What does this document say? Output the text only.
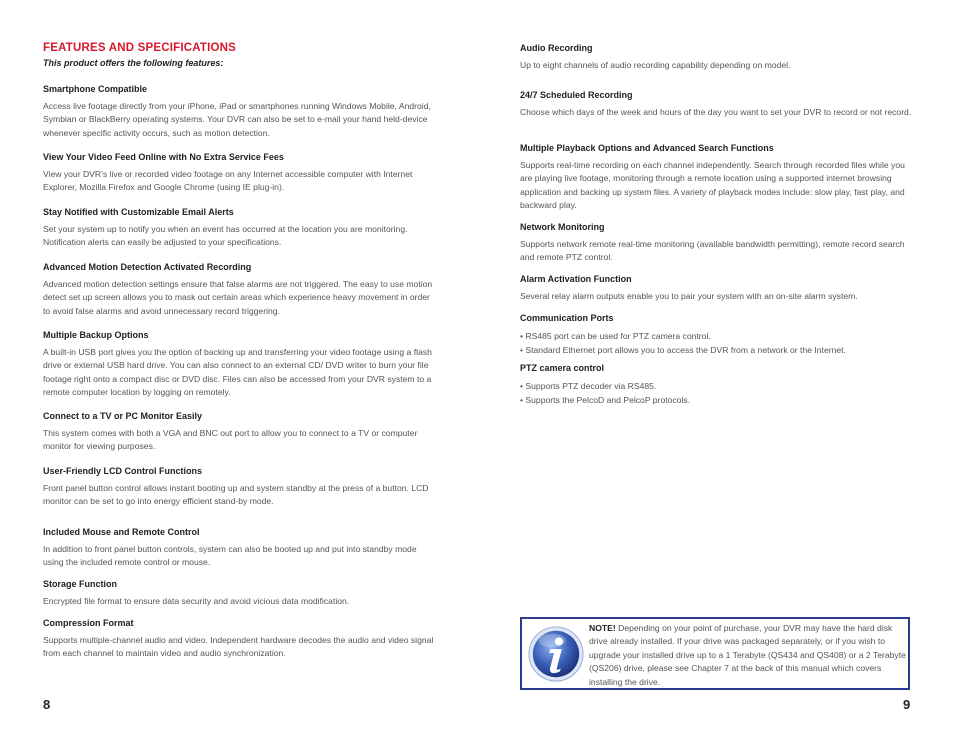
FEATURES AND SPECIFICATIONS
This product offers the following features:
Smartphone Compatible

Access live footage directly from your iPhone, iPad or smartphones running Windows Mobile, Android, Symbian or BlackBerry operating systems. Your DVR can also be set to e-mail your hand held-device whenever specific activity occurs, such as motion detection.

View Your Video Feed Online with No Extra Service Fees

View your DVR’s live or recorded video footage on any Internet accessible computer with Internet Explorer, Mozilla Firefox and Google Chrome (using IE plug-in).

Stay Notified with Customizable Email Alerts

Set your system up to notify you when an event has occurred at the location you are monitoring. Notification alerts can easily be adjusted to your specifications.

Advanced Motion Detection Activated Recording

Advanced motion detection settings ensure that false alarms are not triggered. The easy to use motion detect set up screen allows you to mask out certain areas which experience heavy movement in order to avoid false alarms and avoid unnecessary record triggering.

Multiple Backup Options

A built-in USB port gives you the option of backing up and transferring your video footage using a flash drive or external USB hard drive. You can also connect to an external CD/ DVD writer to burn your file footage right onto a compact disc or DVD disc. Files can also be accessed from your DVR system to a remote computer location by logging on remotely.

Connect to a TV or PC Monitor Easily

This system comes with both a VGA and BNC out port to allow you to connect to a TV or computer monitor for viewing purposes.

User-Friendly LCD Control Functions

Front panel button control allows instant booting up and system standby at the press of a button. LCD monitor can be set to go into energy efficient stand-by mode.

Included Mouse and Remote Control

In addition to front panel button controls, system can also be booted up and put into standby mode using the included remote control or mouse.

Storage Function

Encrypted file format to ensure data security and avoid vicious data modification.

Compression Format

Supports multiple-channel audio and video. Independent hardware decodes the audio and video signal from each channel to maintain video and audio synchronization.

8
Audio Recording

Up to eight channels of audio recording capability depending on model.

24/7 Scheduled Recording

Choose which days of the week and hours of the day you want to set your DVR to record or not record.

Multiple Playback Options and Advanced Search Functions

Supports real-time recording on each channel independently. Search through recorded files while you are playing live footage, monitoring through a remote location using a supported internet browsing application and backing up system files. A variety of playback modes include: slow play, fast play, and backward play.

Network Monitoring

Supports network remote real-time monitoring (available bandwidth permitting), remote record search and remote PTZ control.

Alarm Activation Function

Several relay alarm outputs enable you to pair your system with an on-site alarm system.

Communication Ports
• RS485 port can be used for PTZ camera control.
• Standard Ethernet port allows you to access the DVR from a network or the Internet.
PTZ camera control
• Supports PTZ decoder via RS485.
• Supports the PelcoD and PelcoP protocols.

NOTE! Depending on your point of purchase, your DVR may have the hard disk drive already installed. If your drive was packaged separately, or if you wish to upgrade your installed drive up to a 1 Terabyte (QS434 and QS408) or a 2 Terabyte (QS206) drive, please see Chapter 7 at the back of this manual which covers installing the drive.

9
